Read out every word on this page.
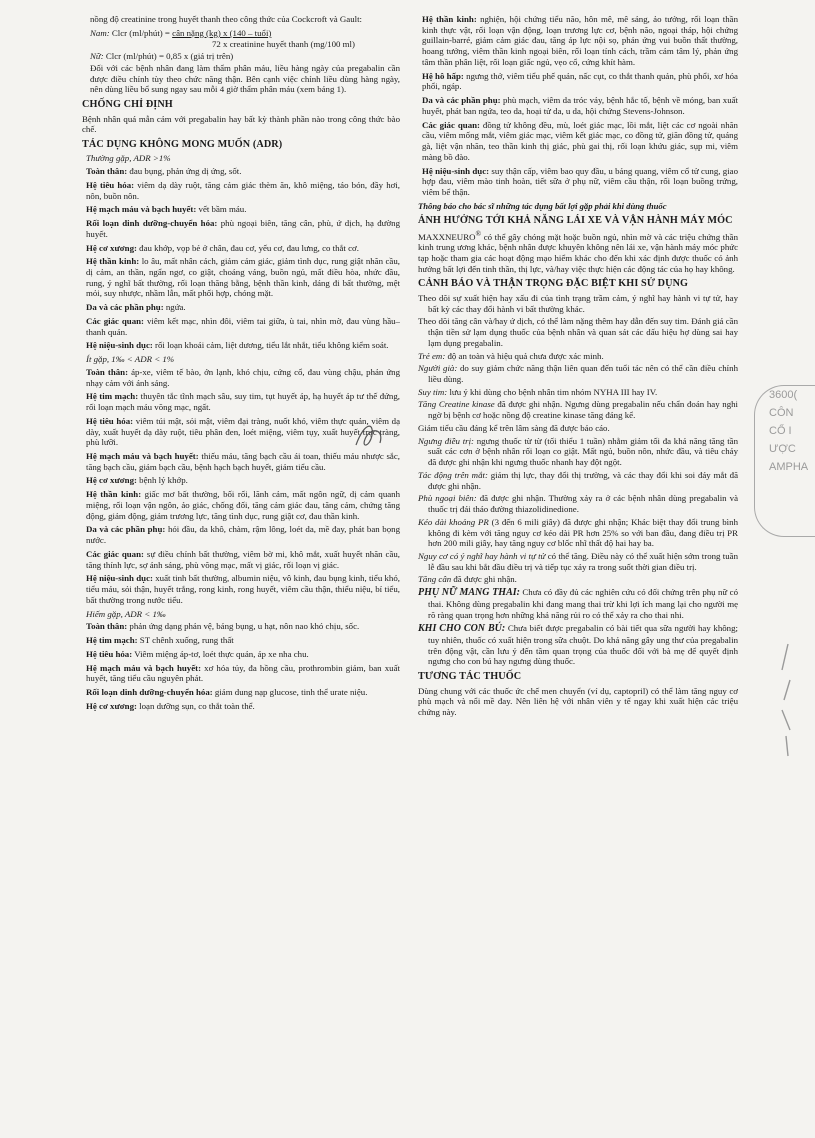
nồng độ creatinine trong huyết thanh theo công thức của Cockcroft và Gault:

Nam: Clcr (ml/phút) = cân nặng (kg) x (140 – tuổi)
72 x creatinine huyết thanh (mg/100 ml)
Nữ: Clcr (ml/phút) = 0,85 x (giá trị trên)

Đối với các bệnh nhân đang làm thẩm phân máu, liều hàng ngày của pregabalin cần được điều chỉnh tùy theo chức năng thận. Bên cạnh việc chỉnh liều dùng hàng ngày, nên dùng liều bổ sung ngay sau mỗi 4 giờ thẩm phân máu (xem bảng 1).

CHỐNG CHỈ ĐỊNH

Bệnh nhân quá mẫn cảm với pregabalin hay bất kỳ thành phần nào trong công thức bào chế.

TÁC DỤNG KHÔNG MONG MUỐN (ADR)
Thường gặp, ADR >1%

Toàn thân: đau bụng, phản ứng dị ứng, sốt.

Hệ tiêu hóa: viêm dạ dày ruột, tăng cảm giác thèm ăn, khô miệng, táo bón, đầy hơi, nôn, buồn nôn.

Hệ mạch máu và bạch huyết: vết bầm máu.

Rối loạn dinh dưỡng-chuyển hóa: phù ngoại biên, tăng cân, phù, ứ dịch, hạ đường huyết.

Hệ cơ xương: đau khớp, vọp bẻ ở chân, đau cơ, yếu cơ, đau lưng, co thắt cơ.

Hệ thần kinh: lo âu, mất nhân cách, giảm cảm giác, giảm tình dục, rung giật nhãn cầu, dị cảm, an thần, ngẩn ngơ, co giật, choáng váng, buồn ngủ, mất điều hòa, nhức đầu, rung, ý nghĩ bất thường, rối loạn thăng bằng, bệnh thần kinh, dáng đi bất thường, mệt mỏi, suy nhược, nhầm lẫn, mất phối hợp, chóng mặt.

Da và các phần phụ: ngứa.

Các giác quan: viêm kết mạc, nhìn đôi, viêm tai giữa, ù tai, nhìn mờ, đau vùng hầu–thanh quản.

Hệ niệu-sinh dục: rối loạn khoái cảm, liệt dương, tiểu lắt nhắt, tiểu không kiểm soát.

Ít gặp, 1‰ < ADR < 1%

Toàn thân: áp-xe, viêm tế bào, ớn lạnh, khó chịu, cứng cổ, đau vùng chậu, phản ứng nhạy cảm với ánh sáng.

Hệ tim mạch: thuyên tắc tĩnh mạch sâu, suy tim, tụt huyết áp, hạ huyết áp tư thế đứng, rối loạn mạch máu võng mạc, ngất.

Hệ tiêu hóa: viêm túi mật, sỏi mật, viêm đại tràng, nuốt khó, viêm thực quản, viêm dạ dày, xuất huyết dạ dày ruột, tiêu phân đen, loét miệng, viêm tụy, xuất huyết trực tràng, phù lưỡi.

Hệ mạch máu và bạch huyết: thiếu máu, tăng bạch cầu ái toan, thiếu máu nhược sắc, tăng bạch cầu, giảm bạch cầu, bệnh hạch bạch huyết, giảm tiểu cầu.

Hệ cơ xương: bệnh lý khớp.

Hệ thần kinh: giấc mơ bất thường, bối rối, lãnh cảm, mất ngôn ngữ, dị cảm quanh miệng, rối loạn vận ngôn, ảo giác, chống đối, tăng cảm giác đau, tăng cảm, chứng tăng động, giảm động, giảm trương lực, tăng tình dục, rung giật cơ, đau thần kinh.

Da và các phần phụ: hói đầu, da khô, chàm, rậm lông, loét da, mề đay, phát ban bọng nước.

Các giác quan: sự điều chỉnh bất thường, viêm bờ mi, khô mắt, xuất huyết nhãn cầu, tăng thính lực, sợ ánh sáng, phù võng mạc, mất vị giác, rối loạn vị giác.

Hệ niệu-sinh dục: xuất tinh bất thường, albumin niệu, vô kinh, đau bụng kinh, tiểu khó, tiểu máu, sỏi thận, huyết trắng, rong kinh, rong huyết, viêm cầu thận, thiểu niệu, bí tiểu, bất thường trong nước tiểu.

Hiếm gặp, ADR < 1‰

Toàn thân: phản ứng dạng phản vệ, báng bụng, u hạt, nôn nao khó chịu, sốc.

Hệ tim mạch: ST chênh xuống, rung thất

Hệ tiêu hóa: Viêm miệng áp-tơ, loét thực quản, áp xe nha chu.

Hệ mạch máu và bạch huyết: xơ hóa tủy, đa hồng cầu, prothrombin giảm, ban xuất huyết, tăng tiểu cầu nguyên phát.

Rối loạn dinh dưỡng-chuyển hóa: giảm dung nạp glucose, tinh thể urate niệu.

Hệ cơ xương: loạn dưỡng sụn, co thắt toàn thể.

Hệ thần kinh: nghiện, hội chứng tiểu não, hôn mê, mê sảng, ảo tưởng, rối loạn thần kinh thực vật, rối loạn vận động, loạn trương lực cơ, bệnh não, ngoại tháp, hội chứng guillain-barré, giảm cảm giác đau, tăng áp lực nội sọ, phản ứng vui buồn thất thường, hoang tưởng, viêm thần kinh ngoại biên, rối loạn tính cách, trầm cảm tâm lý, phản ứng tâm thần phân liệt, rối loạn giấc ngủ, vẹo cổ, cứng khít hàm.

Hệ hô hấp: ngưng thở, viêm tiểu phế quản, nấc cụt, co thắt thanh quản, phù phổi, xơ hóa phổi, ngáp.

Da và các phần phụ: phù mạch, viêm da tróc vảy, bệnh hắc tố, bệnh về móng, ban xuất huyết, phát ban ngứa, teo da, hoại tử da, u da, hội chứng Stevens-Johnson.

Các giác quan: đồng tử không đều, mù, loét giác mạc, lồi mắt, liệt các cơ ngoài nhãn cầu, viêm mống mắt, viêm giác mạc, viêm kết giác mạc, co đồng tử, giãn đồng tử, quáng gà, liệt vận nhãn, teo thần kinh thị giác, phù gai thị, rối loạn khứu giác, sụp mi, viêm màng bồ đào.

Hệ niệu-sinh dục: suy thận cấp, viêm bao quy đầu, u bảng quang, viêm cổ tử cung, giao hợp đau, viêm mào tinh hoàn, tiết sữa ở phụ nữ, viêm cầu thận, rối loạn buồng trứng, viêm bể thận.

Thông báo cho bác sĩ những tác dụng bất lợi gặp phải khi dùng thuốc
ẢNH HƯỞNG TỚI KHẢ NĂNG LÁI XE VÀ VẬN HÀNH MÁY MÓC

MAXXNEURO® có thể gây chóng mặt hoặc buồn ngủ, nhìn mờ và các triệu chứng thần kinh trung ương khác, bệnh nhân được khuyên không nên lái xe, vận hành máy móc phức tạp hoặc tham gia các hoạt động mạo hiểm khác cho đến khi xác định được thuốc có ảnh hưởng bất lợi đến tinh thần, thị lực, và/hay việc thực hiện các động tác của họ hay không.

CẢNH BÁO VÀ THẬN TRỌNG ĐẶC BIỆT KHI SỬ DỤNG

Theo dõi sự xuất hiện hay xấu đi của tình trạng trầm cảm, ý nghĩ hay hành vi tự tử, hay bất kỳ các thay đổi hành vi bất thường khác.

Theo dõi tăng cân và/hay ứ dịch, có thể làm nặng thêm hay dẫn đến suy tim. Đánh giá cần thận tiền sử lạm dụng thuốc của bệnh nhân và quan sát các dấu hiệu hợ dùng sai hay lạm dụng pregabalin.

Trẻ em: độ an toàn và hiệu quả chưa được xác minh.

Người già: do suy giảm chức năng thận liên quan đến tuổi tác nên có thể cần điều chỉnh liều dùng.

Suy tim: lưu ý khi dùng cho bệnh nhân tim nhóm NYHA III hay IV.

Tăng Creatine kinase đã được ghi nhận. Ngưng dùng pregabalin nếu chẩn đoán hay nghi ngờ bị bệnh cơ hoặc nồng độ creatine kinase tăng đáng kể.

Giảm tiểu cầu đáng kể trên lâm sàng đã được báo cáo.

Ngưng điều trị: ngưng thuốc từ từ (tối thiểu 1 tuần) nhằm giảm tối đa khả năng tăng tần suất các cơn ở bệnh nhân rối loạn co giật. Mất ngủ, buồn nôn, nhức đầu, và tiêu chảy đã được ghi nhận khi ngưng thuốc nhanh hay đột ngột.

Tác động trên mắt: giảm thị lực, thay đổi thị trường, và các thay đổi khi soi đáy mắt đã được ghi nhận.

Phù ngoại biên: đã được ghi nhận. Thường xảy ra ở các bệnh nhân dùng pregabalin và thuốc trị đái tháo đường thiazolidinedione.

Kéo dài khoảng PR (3 đến 6 mili giây) đã được ghi nhận; Khác biệt thay đổi trung bình không đi kèm với tăng nguy cơ kéo dài PR hơn 25% so với ban đầu, đang điều trị PR hơn 200 mili giây, hay tăng nguy cơ blốc nhĩ thất độ hai hay ba.

Nguy cơ có ý nghĩ hay hành vi tự tử có thể tăng. Điều này có thể xuất hiện sớm trong tuần lễ đầu sau khi bắt đầu điều trị và tiếp tục xảy ra trong suốt thời gian điều trị.

Tăng cân đã được ghi nhận.

PHỤ NỮ MANG THAI: Chưa có đầy đủ các nghiên cứu có đối chứng trên phụ nữ có thai. Không dùng pregabalin khi đang mang thai trừ khi lợi ích mang lại cho người mẹ rõ ràng quan trọng hơn những khả năng rủi ro có thể xảy ra cho thai nhi.

KHI CHO CON BÚ: Chưa biết được pregabalin có bài tiết qua sữa người hay không; tuy nhiên, thuốc có xuất hiện trong sữa chuột. Do khả năng gây ung thư của pregabalin trên động vật, cần lưu ý đến tầm quan trọng của thuốc đối với bà mẹ để quyết định ngưng cho con bú hay ngưng dùng thuốc.

TƯƠNG TÁC THUỐC

Dùng chung với các thuốc ức chế men chuyển (ví dụ, captopril) có thể làm tăng nguy cơ phù mạch và nổi mề đay. Nên liên hệ với nhân viên y tế ngay khi xuất hiện các triệu chứng này.

3600(
CÔN
CỔ I
ƯỢC
AMPHA
